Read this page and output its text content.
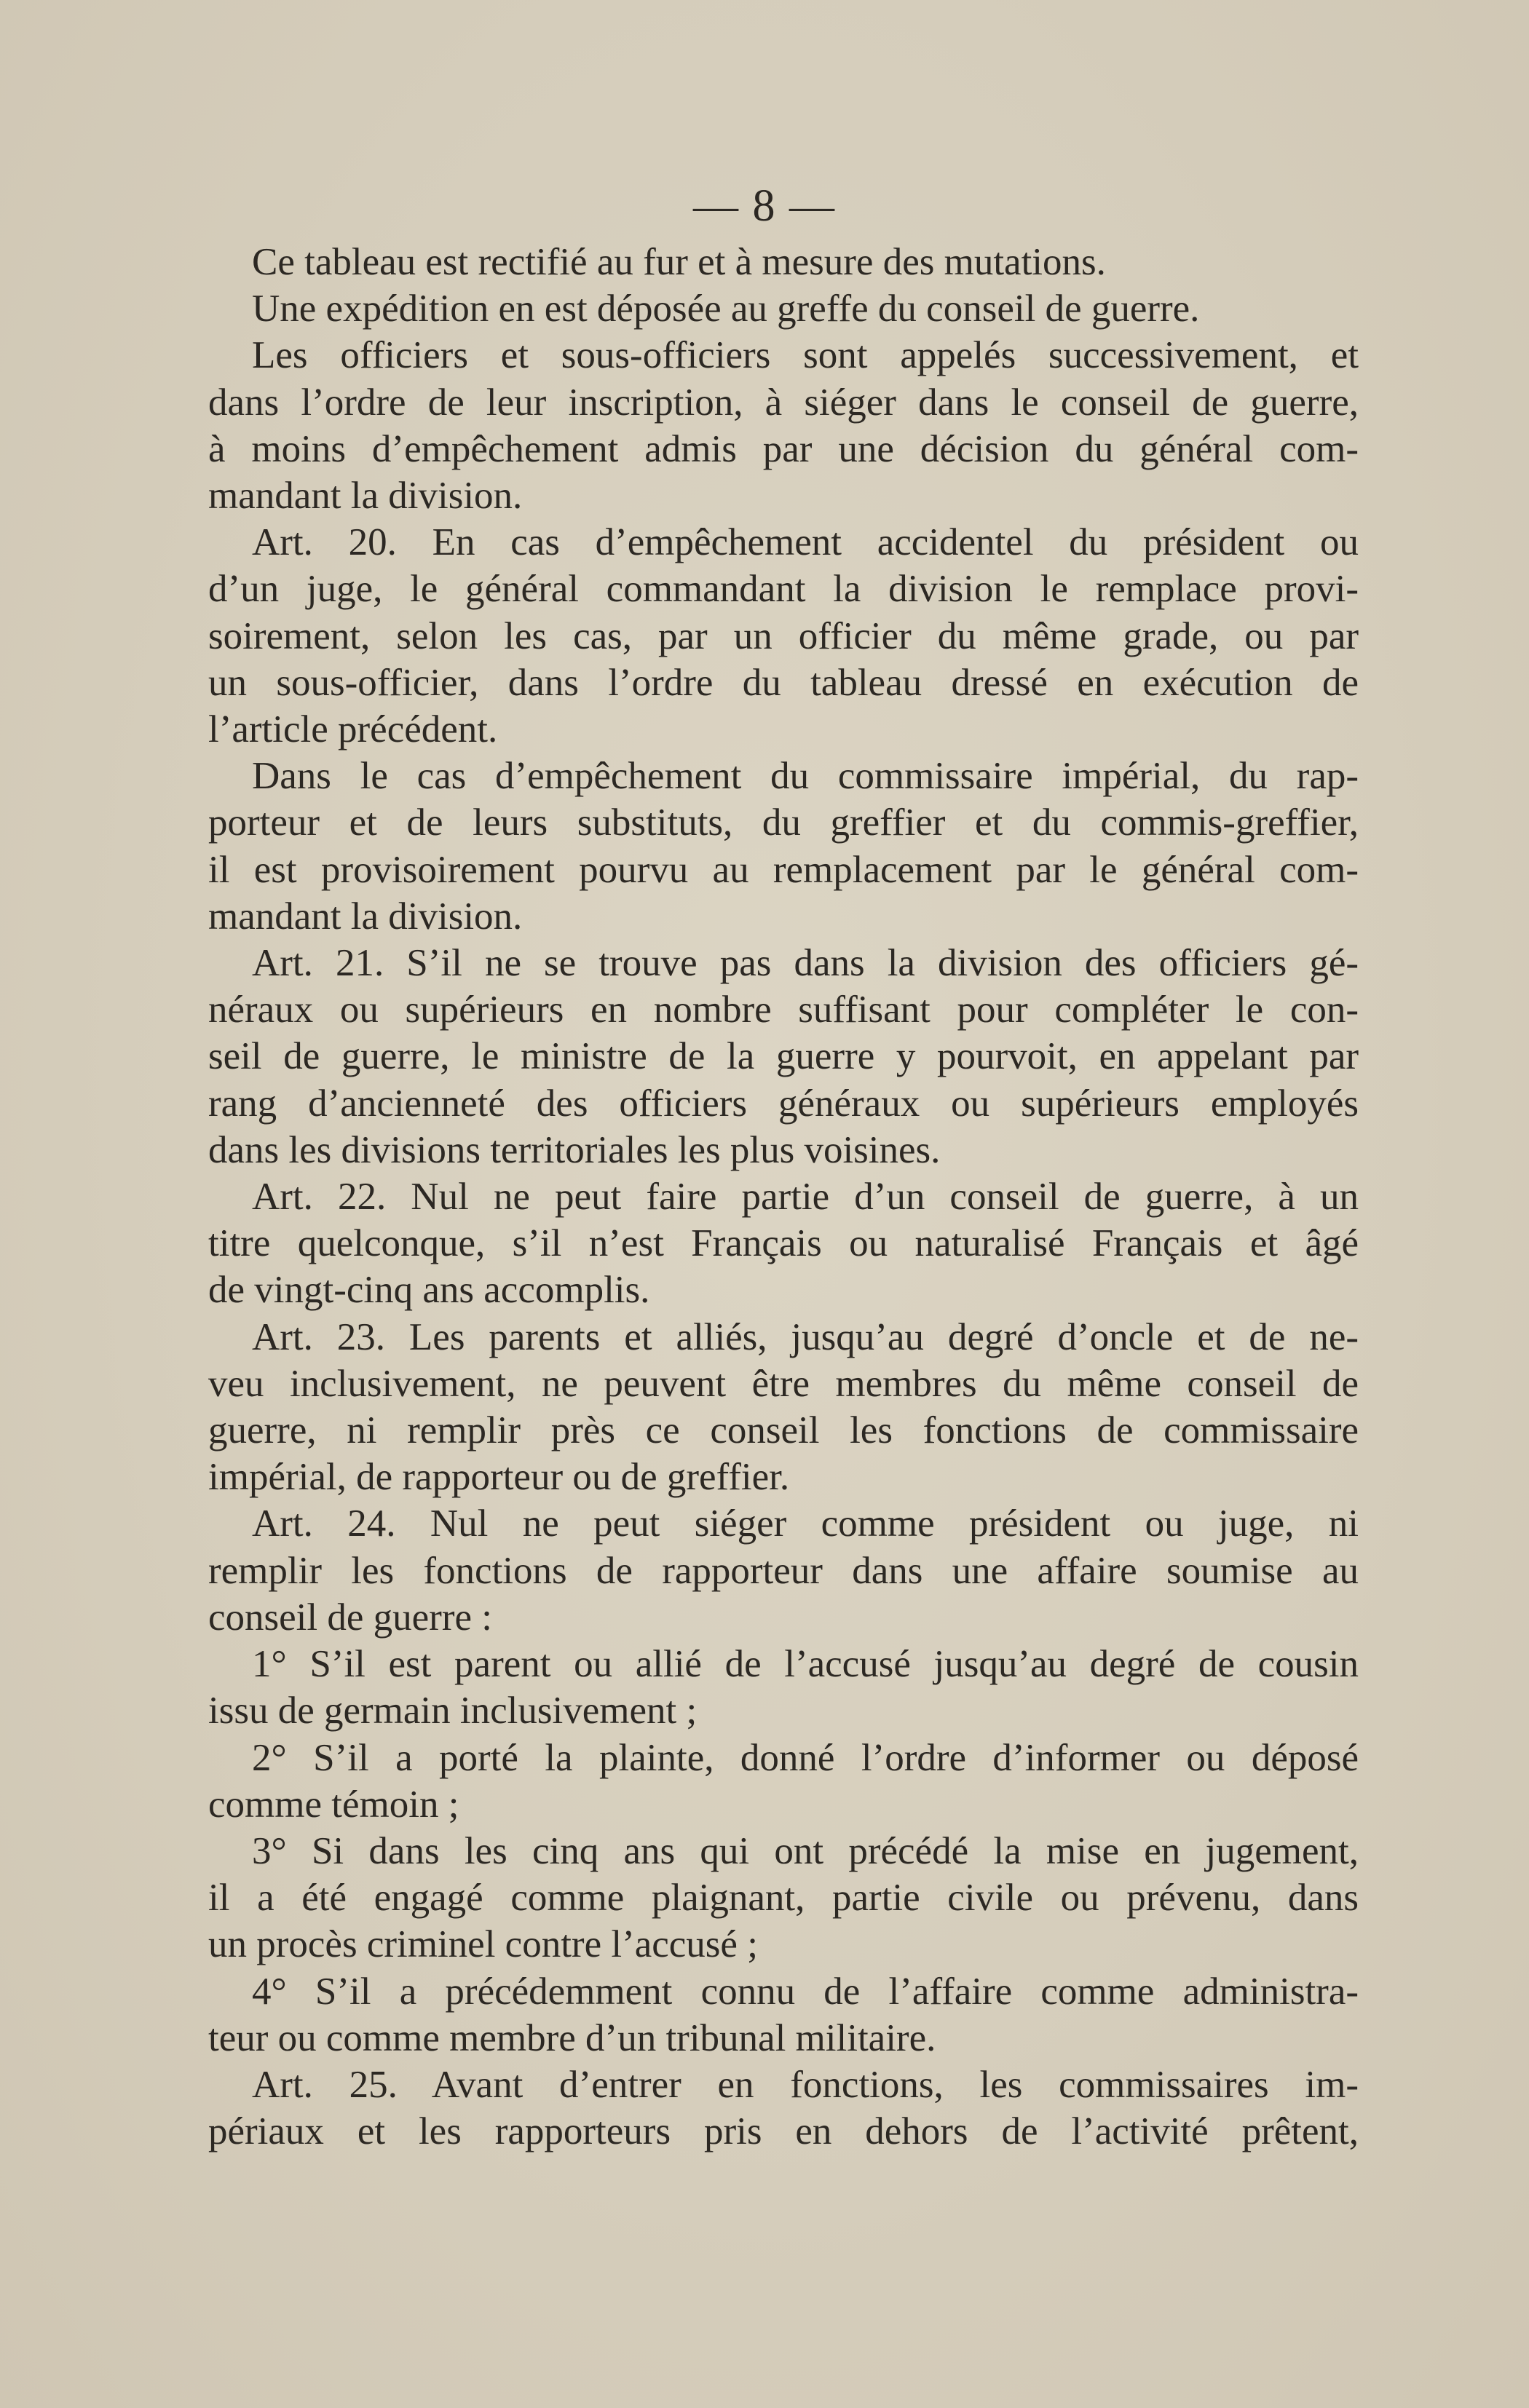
— 8 —
Ce tableau est rectifié au fur et à mesure des mutations.
Une expédition en est déposée au greffe du conseil de guerre.
Les officiers et sous-officiers sont appelés successivement, et
dans l’ordre de leur inscription, à siéger dans le conseil de guerre,
à moins d’empêchement admis par une décision du général com-
mandant la division.
Art. 20. En cas d’empêchement accidentel du président ou
d’un juge, le général commandant la division le remplace provi-
soirement, selon les cas, par un officier du même grade, ou par
un sous-officier, dans l’ordre du tableau dressé en exécution de
l’article précédent.
Dans le cas d’empêchement du commissaire impérial, du rap-
porteur et de leurs substituts, du greffier et du commis-greffier,
il est provisoirement pourvu au remplacement par le général com-
mandant la division.
Art. 21. S’il ne se trouve pas dans la division des officiers gé-
néraux ou supérieurs en nombre suffisant pour compléter le con-
seil de guerre, le ministre de la guerre y pourvoit, en appelant par
rang d’ancienneté des officiers généraux ou supérieurs employés
dans les divisions territoriales les plus voisines.
Art. 22. Nul ne peut faire partie d’un conseil de guerre, à un
titre quelconque, s’il n’est Français ou naturalisé Français et âgé
de vingt-cinq ans accomplis.
Art. 23. Les parents et alliés, jusqu’au degré d’oncle et de ne-
veu inclusivement, ne peuvent être membres du même conseil de
guerre, ni remplir près ce conseil les fonctions de commissaire
impérial, de rapporteur ou de greffier.
Art. 24. Nul ne peut siéger comme président ou juge, ni
remplir les fonctions de rapporteur dans une affaire soumise au
conseil de guerre :
1° S’il est parent ou allié de l’accusé jusqu’au degré de cousin
issu de germain inclusivement ;
2° S’il a porté la plainte, donné l’ordre d’informer ou déposé
comme témoin ;
3° Si dans les cinq ans qui ont précédé la mise en jugement,
il a été engagé comme plaignant, partie civile ou prévenu, dans
un procès criminel contre l’accusé ;
4° S’il a précédemment connu de l’affaire comme administra-
teur ou comme membre d’un tribunal militaire.
Art. 25. Avant d’entrer en fonctions, les commissaires im-
périaux et les rapporteurs pris en dehors de l’activité prêtent,
